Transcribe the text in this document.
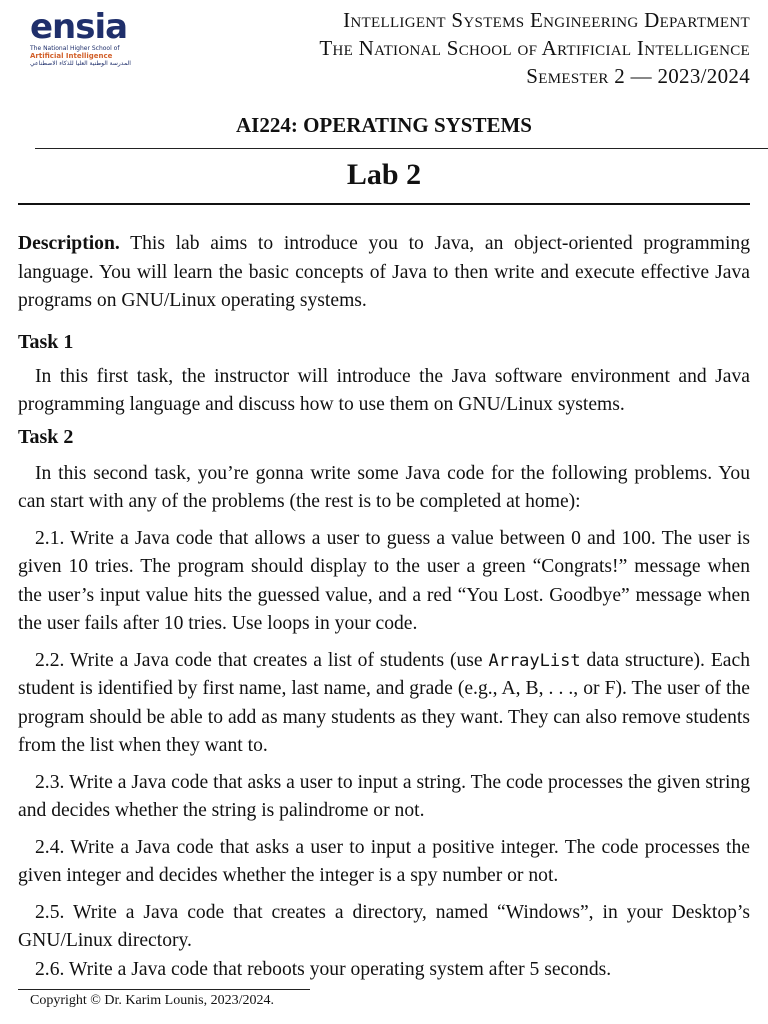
ensia
The National Higher School of
Artificial Intelligence
المدرسة الوطنية العليا للذكاء الاصطناعي
Intelligent Systems Engineering Department
The National School of Artificial Intelligence
Semester 2 — 2023/2024
AI224: OPERATING SYSTEMS
Lab 2

Description. This lab aims to introduce you to Java, an object-oriented programming language. You will learn the basic concepts of Java to then write and execute effective Java programs on GNU/Linux operating systems.

Task 1

In this first task, the instructor will introduce the Java software environment and Java programming language and discuss how to use them on GNU/Linux systems.

Task 2

In this second task, you’re gonna write some Java code for the following problems. You can start with any of the problems (the rest is to be completed at home):

2.1. Write a Java code that allows a user to guess a value between 0 and 100. The user is given 10 tries. The program should display to the user a green “Congrats!” message when the user’s input value hits the guessed value, and a red “You Lost. Goodbye” message when the user fails after 10 tries. Use loops in your code.

2.2. Write a Java code that creates a list of students (use ArrayList data structure). Each student is identified by first name, last name, and grade (e.g., A, B, . . ., or F). The user of the program should be able to add as many students as they want. They can also remove students from the list when they want to.

2.3. Write a Java code that asks a user to input a string. The code processes the given string and decides whether the string is palindrome or not.

2.4. Write a Java code that asks a user to input a positive integer. The code processes the given integer and decides whether the integer is a spy number or not.

2.5. Write a Java code that creates a directory, named “Windows”, in your Desktop’s GNU/Linux directory.

2.6. Write a Java code that reboots your operating system after 5 seconds.

Copyright © Dr. Karim Lounis, 2023/2024.
